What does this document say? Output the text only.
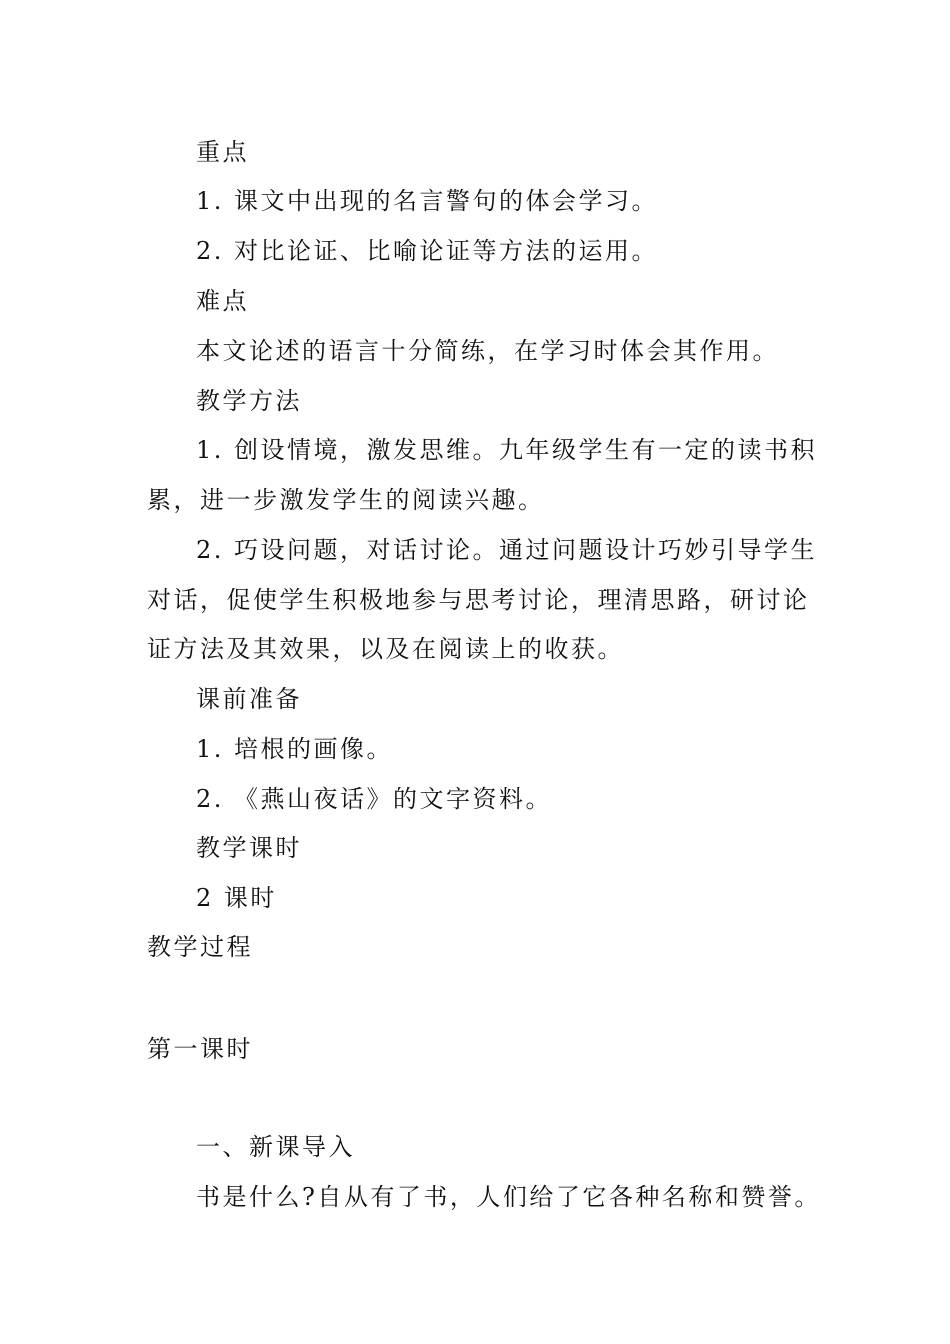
重点
1. 课文中出现的名言警句的体会学习。
2. 对比论证、比喻论证等方法的运用。
难点
本文论述的语言十分简练，在学习时体会其作用。
教学方法
1. 创设情境，激发思维。九年级学生有一定的读书积
累，进一步激发学生的阅读兴趣。
2. 巧设问题，对话讨论。通过问题设计巧妙引导学生
对话，促使学生积极地参与思考讨论，理清思路，研讨论
证方法及其效果，以及在阅读上的收获。
课前准备
1. 培根的画像。
2. 《燕山夜话》的文字资料。
教学课时
2 课时
教学过程
第一课时
一、新课导入
书是什么?自从有了书，人们给了它各种名称和赞誉。
